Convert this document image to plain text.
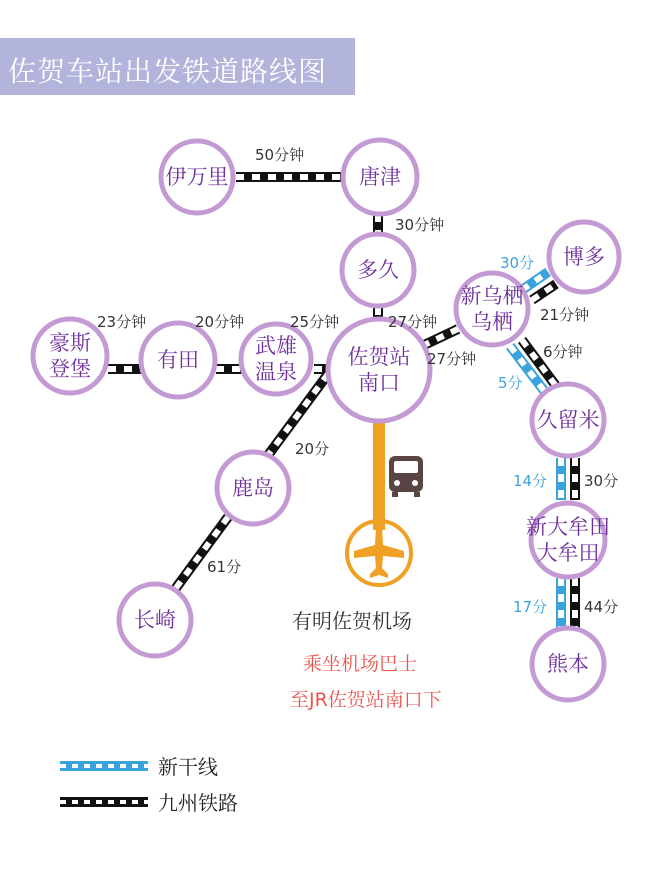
佐贺车站出发铁道路线图
伊万里	唐津
多久
博多
新乌栖
乌栖
豪斯
登堡	有田
武雄
温泉
佐贺站
南口
久留米
鹿岛
新大牟田
大牟田
长崎
熊本
50分钟
30分钟
23分钟	20分钟	25分钟	27分钟
27分钟
30分
21分钟
5分
6分钟
14分 30分
17分 44分
20分
61分
有明佐贺机场
乘坐机场巴士
至JR佐贺站南口下
新干线
九州铁路
